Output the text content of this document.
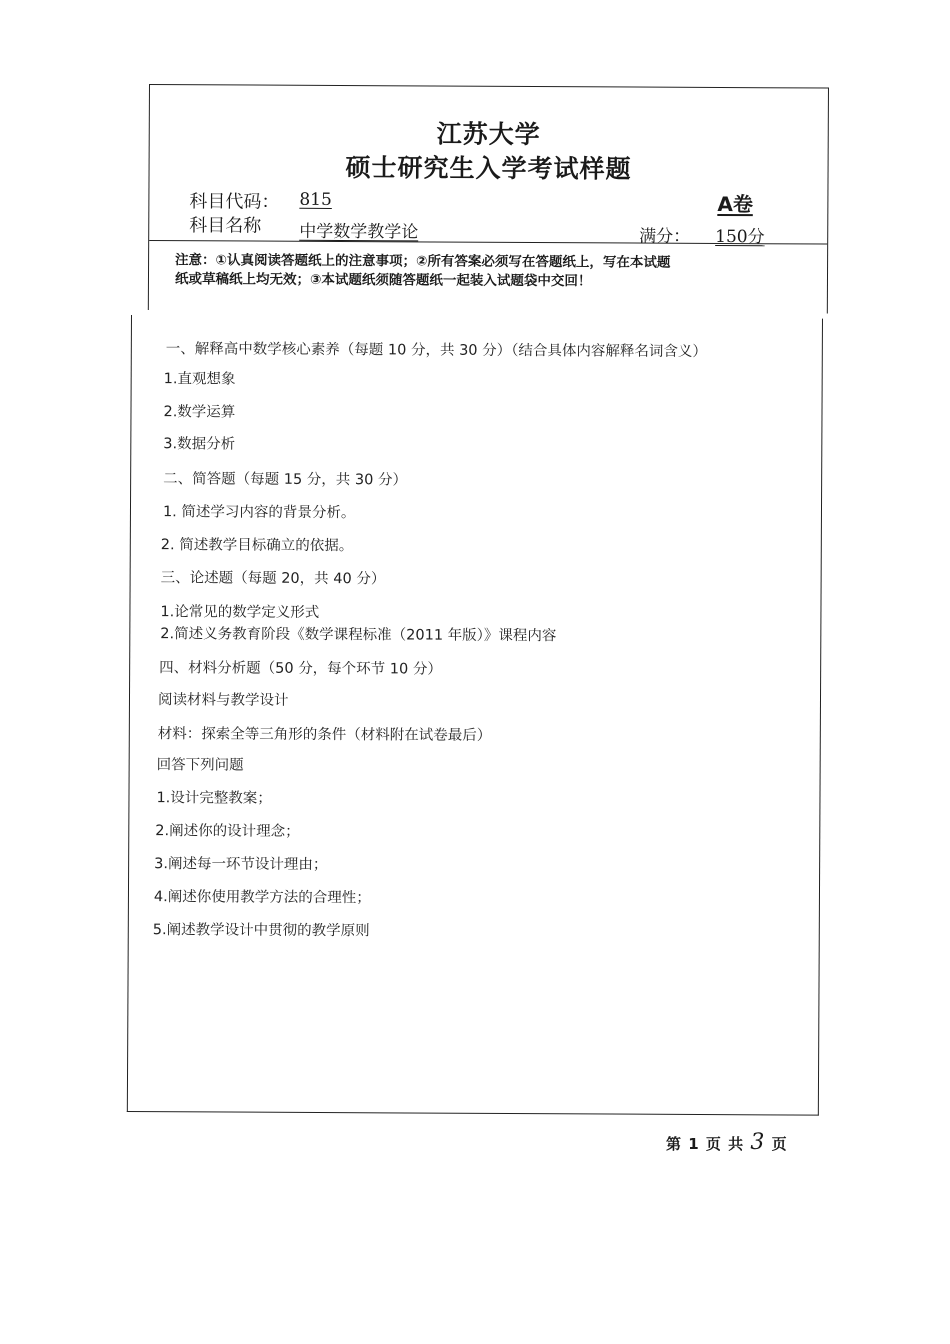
江苏大学
硕士研究生入学考试样题
科目代码： 815	A卷
科目名称 中学数学教学论	满分： 150分
注意：①认真阅读答题纸上的注意事项；②所有答案必须写在答题纸上，写在本试题
纸或草稿纸上均无效；③本试题纸须随答题纸一起装入试题袋中交回！
一、解释高中数学核心素养（每题 10 分，共 30 分）（结合具体内容解释名词含义）
1.直观想象
2.数学运算
3.数据分析
二、简答题（每题 15 分，共 30 分）
1. 简述学习内容的背景分析。
2. 简述教学目标确立的依据。
三、论述题（每题 20，共 40 分）
1.论常见的数学定义形式
2.简述义务教育阶段《数学课程标准（2011 年版）》课程内容
四、材料分析题（50 分，每个环节 10 分）
阅读材料与教学设计
材料：探索全等三角形的条件（材料附在试卷最后）
回答下列问题
1.设计完整教案；
2.阐述你的设计理念；
3.阐述每一环节设计理由；
4.阐述你使用教学方法的合理性；
5.阐述教学设计中贯彻的教学原则
第 1 页 共 3 页
